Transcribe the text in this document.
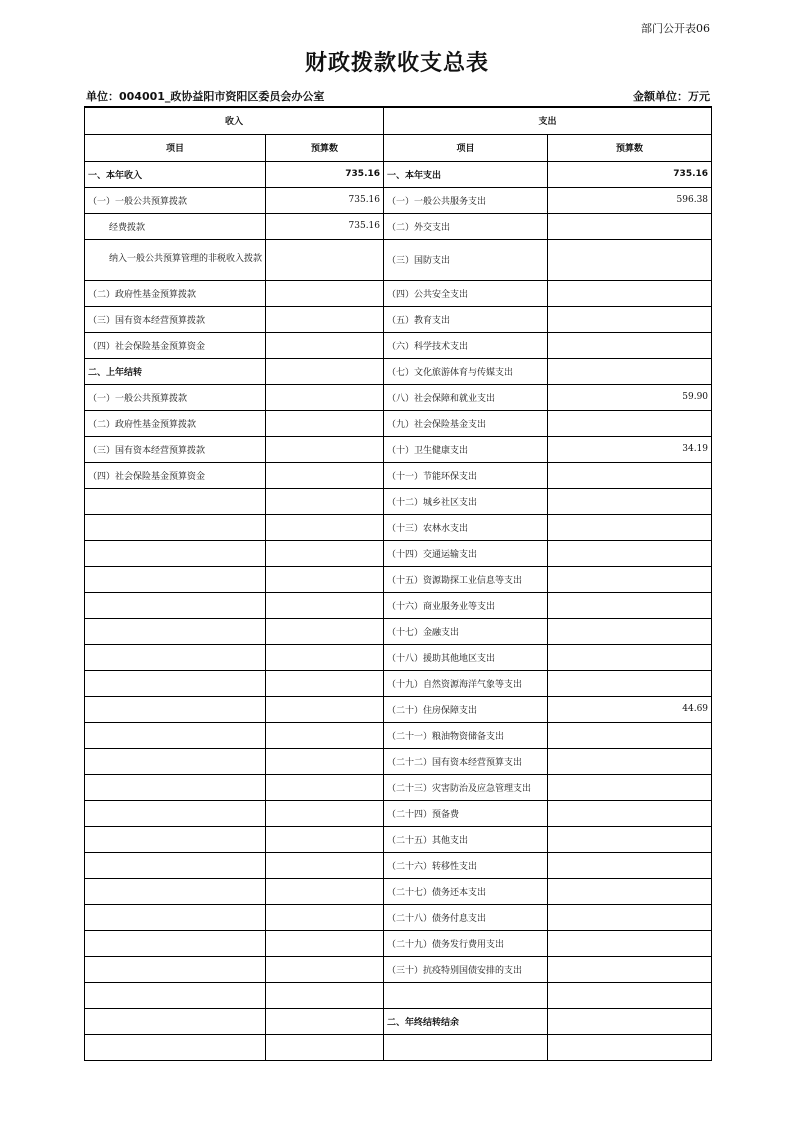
部门公开表06
财政拨款收支总表
单位：004001_政协益阳市资阳区委员会办公室	金额单位：万元
收入		支出	
项目	预算数	项目	预算数
一、本年收入	735.16	一、本年支出	735.16
（一）一般公共预算拨款	735.16	（一）一般公共服务支出	596.38
经费拨款	735.16	（二）外交支出	
纳入一般公共预算管理的非税收入拨款		（三）国防支出	
（二）政府性基金预算拨款		（四）公共安全支出	
（三）国有资本经营预算拨款		（五）教育支出	
（四）社会保险基金预算资金		（六）科学技术支出	
二、上年结转		（七）文化旅游体育与传媒支出	
（一）一般公共预算拨款		（八）社会保障和就业支出	59.90
（二）政府性基金预算拨款		（九）社会保险基金支出	
（三）国有资本经营预算拨款		（十）卫生健康支出	34.19
（四）社会保险基金预算资金		（十一）节能环保支出	
		（十二）城乡社区支出	
		（十三）农林水支出	
		（十四）交通运输支出	
		（十五）资源勘探工业信息等支出	
		（十六）商业服务业等支出	
		（十七）金融支出	
		（十八）援助其他地区支出	
		（十九）自然资源海洋气象等支出	
		（二十）住房保障支出	44.69
		（二十一）粮油物资储备支出	
		（二十二）国有资本经营预算支出	
		（二十三）灾害防治及应急管理支出	
		（二十四）预备费	
		（二十五）其他支出	
		（二十六）转移性支出	
		（二十七）债务还本支出	
		（二十八）债务付息支出	
		（二十九）债务发行费用支出	
		（三十）抗疫特别国债安排的支出	

		二、年终结转结余	
